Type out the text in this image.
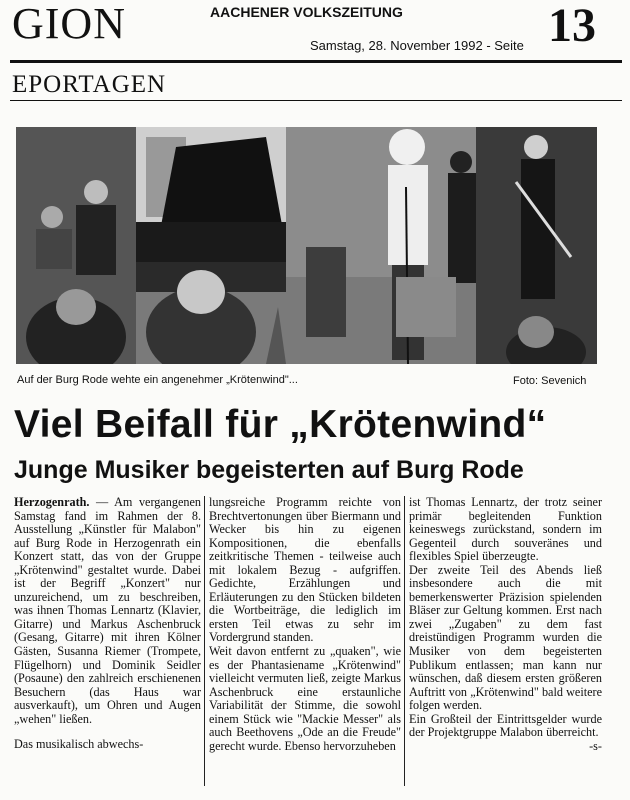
GION	AACHENER VOLKSZEITUNG
Samstag, 28. November 1992 - Seite 13
EPORTAGEN
Auf der Burg Rode wehte ein angenehmer „Krötenwind"...	Foto: Sevenich
Viel Beifall für „Krötenwind“
Junge Musiker begeisterten auf Burg Rode

Herzogenrath. — Am vergangenen Samstag fand im Rahmen der 8. Ausstellung „Künstler für Malabon" auf Burg Rode in Herzogenrath ein Konzert statt, das von der Gruppe „Krötenwind" gestaltet wurde. Dabei ist der Begriff „Konzert" nur unzureichend, um zu beschreiben, was ihnen Thomas Lennartz (Klavier, Gitarre) und Markus Aschenbruck (Gesang, Gitarre) mit ihren Kölner Gästen, Susanna Riemer (Trompete, Flügelhorn) und Dominik Seidler (Posaune) den zahlreich erschienenen Besuchern (das Haus war ausverkauft), um Ohren und Augen „wehen" ließen.

Das musikalisch abwechs-

lungsreiche Programm reichte von Brechtvertonungen über Biermann und Wecker bis hin zu eigenen Kompositionen, die ebenfalls zeitkritische Themen - teilweise auch mit lokalem Bezug - aufgriffen. Gedichte, Erzählungen und Erläuterungen zu den Stücken bildeten die Wortbeiträge, die lediglich im ersten Teil etwas zu sehr im Vordergrund standen.

Weit davon entfernt zu „quaken", wie es der Phantasiename „Krötenwind" vielleicht vermuten ließ, zeigte Markus Aschenbruck eine erstaunliche Variabilität der Stimme, die sowohl einem Stück wie "Mackie Messer" als auch Beethovens „Ode an die Freude" gerecht wurde. Ebenso hervorzuheben

ist Thomas Lennartz, der trotz seiner primär begleitenden Funktion keineswegs zurückstand, sondern im Gegenteil durch souveränes und flexibles Spiel überzeugte.

Der zweite Teil des Abends ließ insbesondere auch die mit bemerkenswerter Präzision spielenden Bläser zur Geltung kommen. Erst nach zwei „Zugaben" zu dem fast dreistündigen Programm wurden die Musiker von dem begeisterten Publikum entlassen; man kann nur wünschen, daß diesem ersten größeren Auftritt von „Krötenwind" bald weitere folgen werden.

Ein Großteil der Eintrittsgelder wurde der Projektgruppe Malabon überreicht.

-s-
